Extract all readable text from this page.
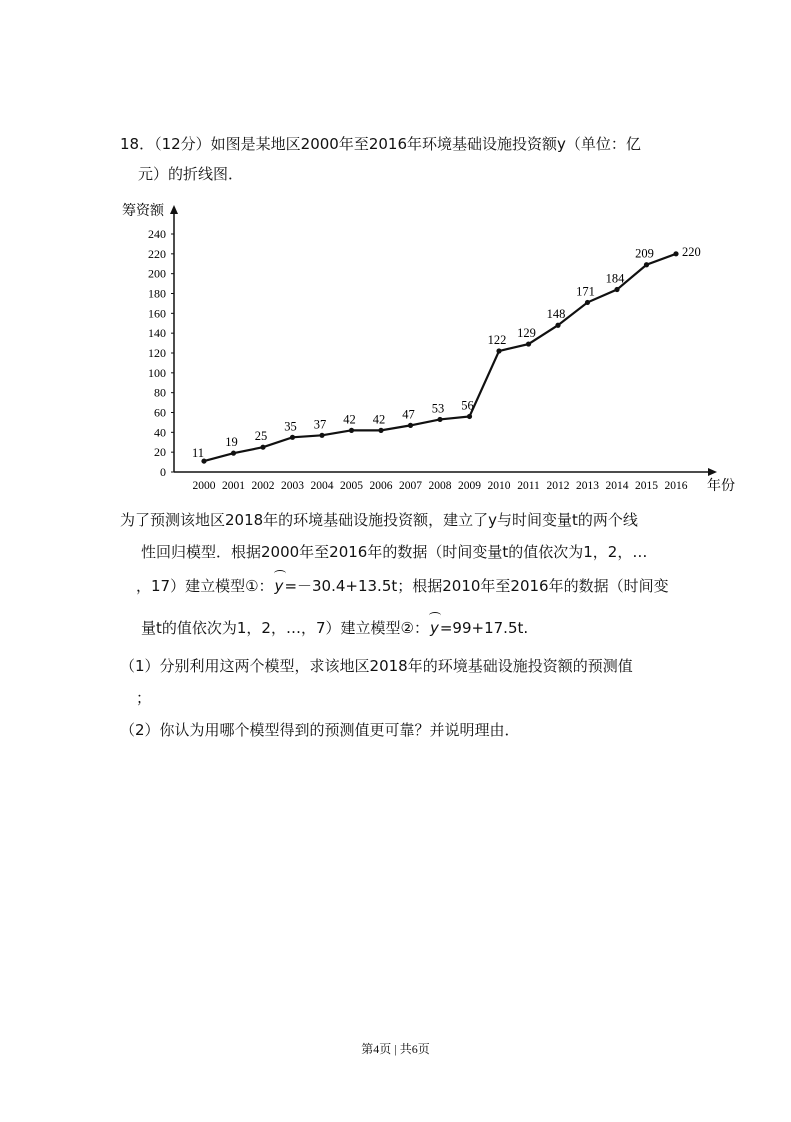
18．（12分）如图是某地区2000年至2016年环境基础设施投资额y（单位：亿
元）的折线图．
0
20
40
60
80
100
120
140
160
180
200
220
240
2000 2001 2002 2003 2004 2005 2006 2007 2008 2009 2010 2011 2012 2013 2014 2015 2016
11
19 25
35 37 42 42 47 53 56
122 129
148
171
184
209 220
筹资额
年份
为了预测该地区2018年的环境基础设施投资额，建立了y与时间变量t的两个线
性回归模型．根据2000年至2016年的数据（时间变量t的值依次为1，2，…
，17）建立模型①：y=－30.4+13.5t；根据2010年至2016年的数据（时间变
量t的值依次为1，2，…，7）建立模型②：y=99+17.5t.
（1）分别利用这两个模型，求该地区2018年的环境基础设施投资额的预测值
；
（2）你认为用哪个模型得到的预测值更可靠？并说明理由．
第4页 | 共6页
